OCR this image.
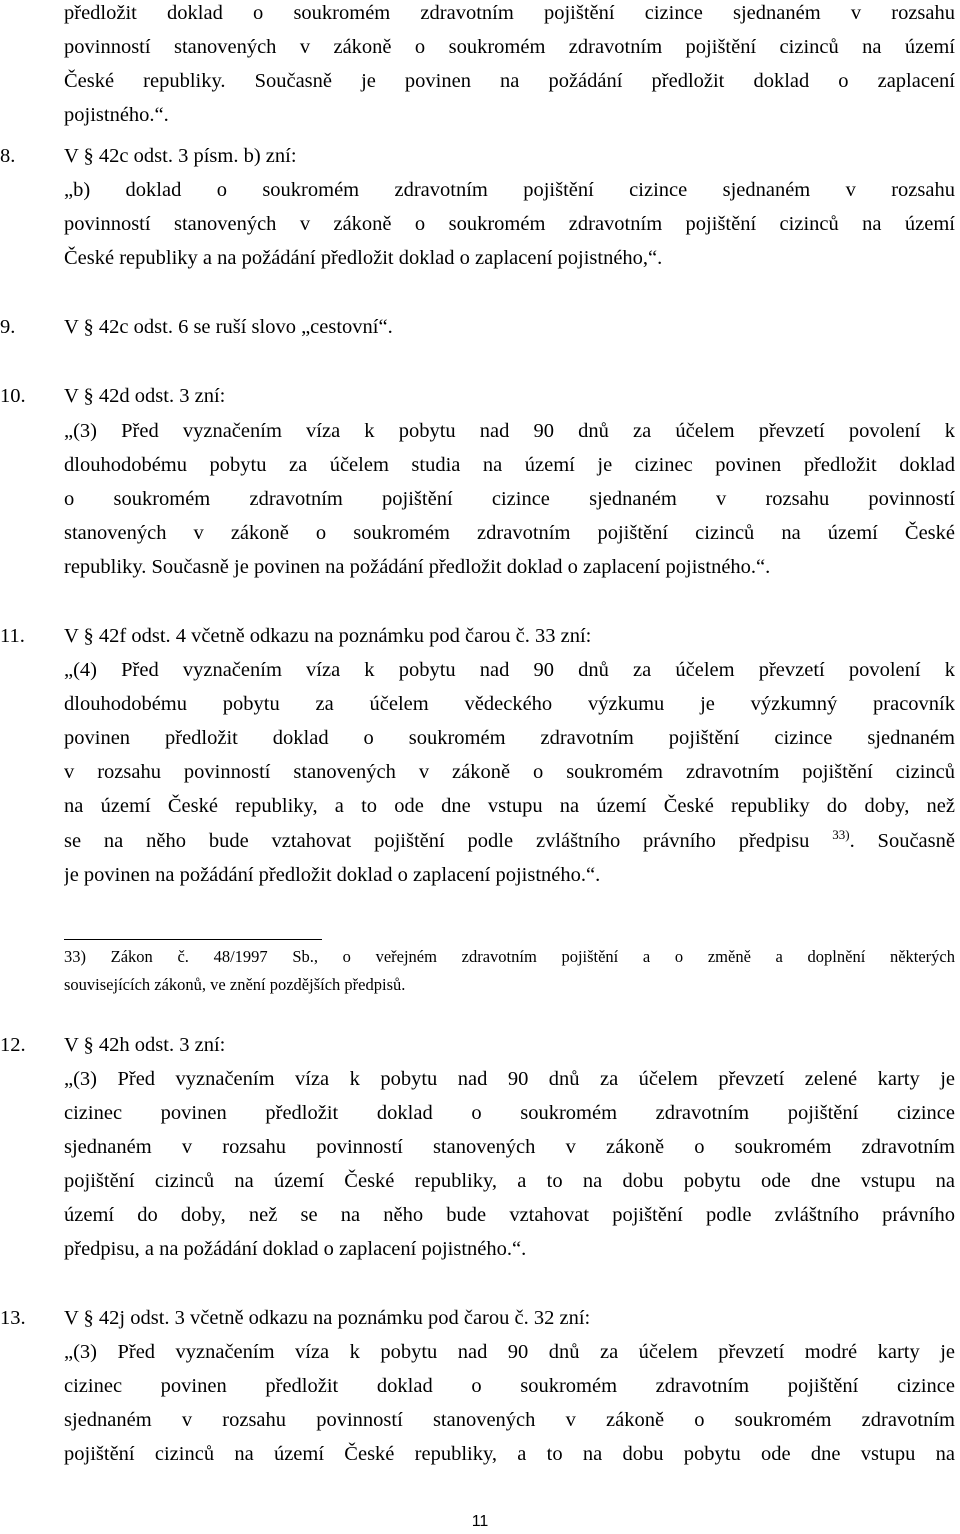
předložit doklad o soukromém zdravotním pojištění cizince sjednaném v rozsahu
povinností stanovených v zákoně o soukromém zdravotním pojištění cizinců na území
České republiky. Současně je povinen na požádání předložit doklad o zaplacení
pojistného.“.
8. V § 42c odst. 3 písm. b) zní:
„b) doklad o soukromém zdravotním pojištění cizince sjednaném v rozsahu
povinností stanovených v zákoně o soukromém zdravotním pojištění cizinců na území
České republiky a na požádání předložit doklad o zaplacení pojistného,“.
9. V § 42c odst. 6 se ruší slovo „cestovní“.
10. V § 42d odst. 3 zní:
„(3) Před vyznačením víza k pobytu nad 90 dnů za účelem převzetí povolení k
dlouhodobému pobytu za účelem studia na území je cizinec povinen předložit doklad
o soukromém zdravotním pojištění cizince sjednaném v rozsahu povinností
stanovených v zákoně o soukromém zdravotním pojištění cizinců na území České
republiky. Současně je povinen na požádání předložit doklad o zaplacení pojistného.“.
11. V § 42f odst. 4 včetně odkazu na poznámku pod čarou č. 33 zní:
„(4) Před vyznačením víza k pobytu nad 90 dnů za účelem převzetí povolení k
dlouhodobému pobytu za účelem vědeckého výzkumu je výzkumný pracovník
povinen předložit doklad o soukromém zdravotním pojištění cizince sjednaném
v rozsahu povinností stanovených v zákoně o soukromém zdravotním pojištění cizinců
na území České republiky, a to ode dne vstupu na území České republiky do doby, než
se na něho bude vztahovat pojištění podle zvláštního právního předpisu $^{33)}$. Současně
je povinen na požádání předložit doklad o zaplacení pojistného.“.
33) Zákon č. 48/1997 Sb., o veřejném zdravotním pojištění a o změně a doplnění některých
souvisejících zákonů, ve znění pozdějších předpisů.
12. V § 42h odst. 3 zní:
„(3) Před vyznačením víza k pobytu nad 90 dnů za účelem převzetí zelené karty je
cizinec povinen předložit doklad o soukromém zdravotním pojištění cizince
sjednaném v rozsahu povinností stanovených v zákoně o soukromém zdravotním
pojištění cizinců na území České republiky, a to na dobu pobytu ode dne vstupu na
území do doby, než se na něho bude vztahovat pojištění podle zvláštního právního
předpisu, a na požádání doklad o zaplacení pojistného.“.
13. V § 42j odst. 3 včetně odkazu na poznámku pod čarou č. 32 zní:
„(3) Před vyznačením víza k pobytu nad 90 dnů za účelem převzetí modré karty je
cizinec povinen předložit doklad o soukromém zdravotním pojištění cizince
sjednaném v rozsahu povinností stanovených v zákoně o soukromém zdravotním
pojištění cizinců na území České republiky, a to na dobu pobytu ode dne vstupu na
11
